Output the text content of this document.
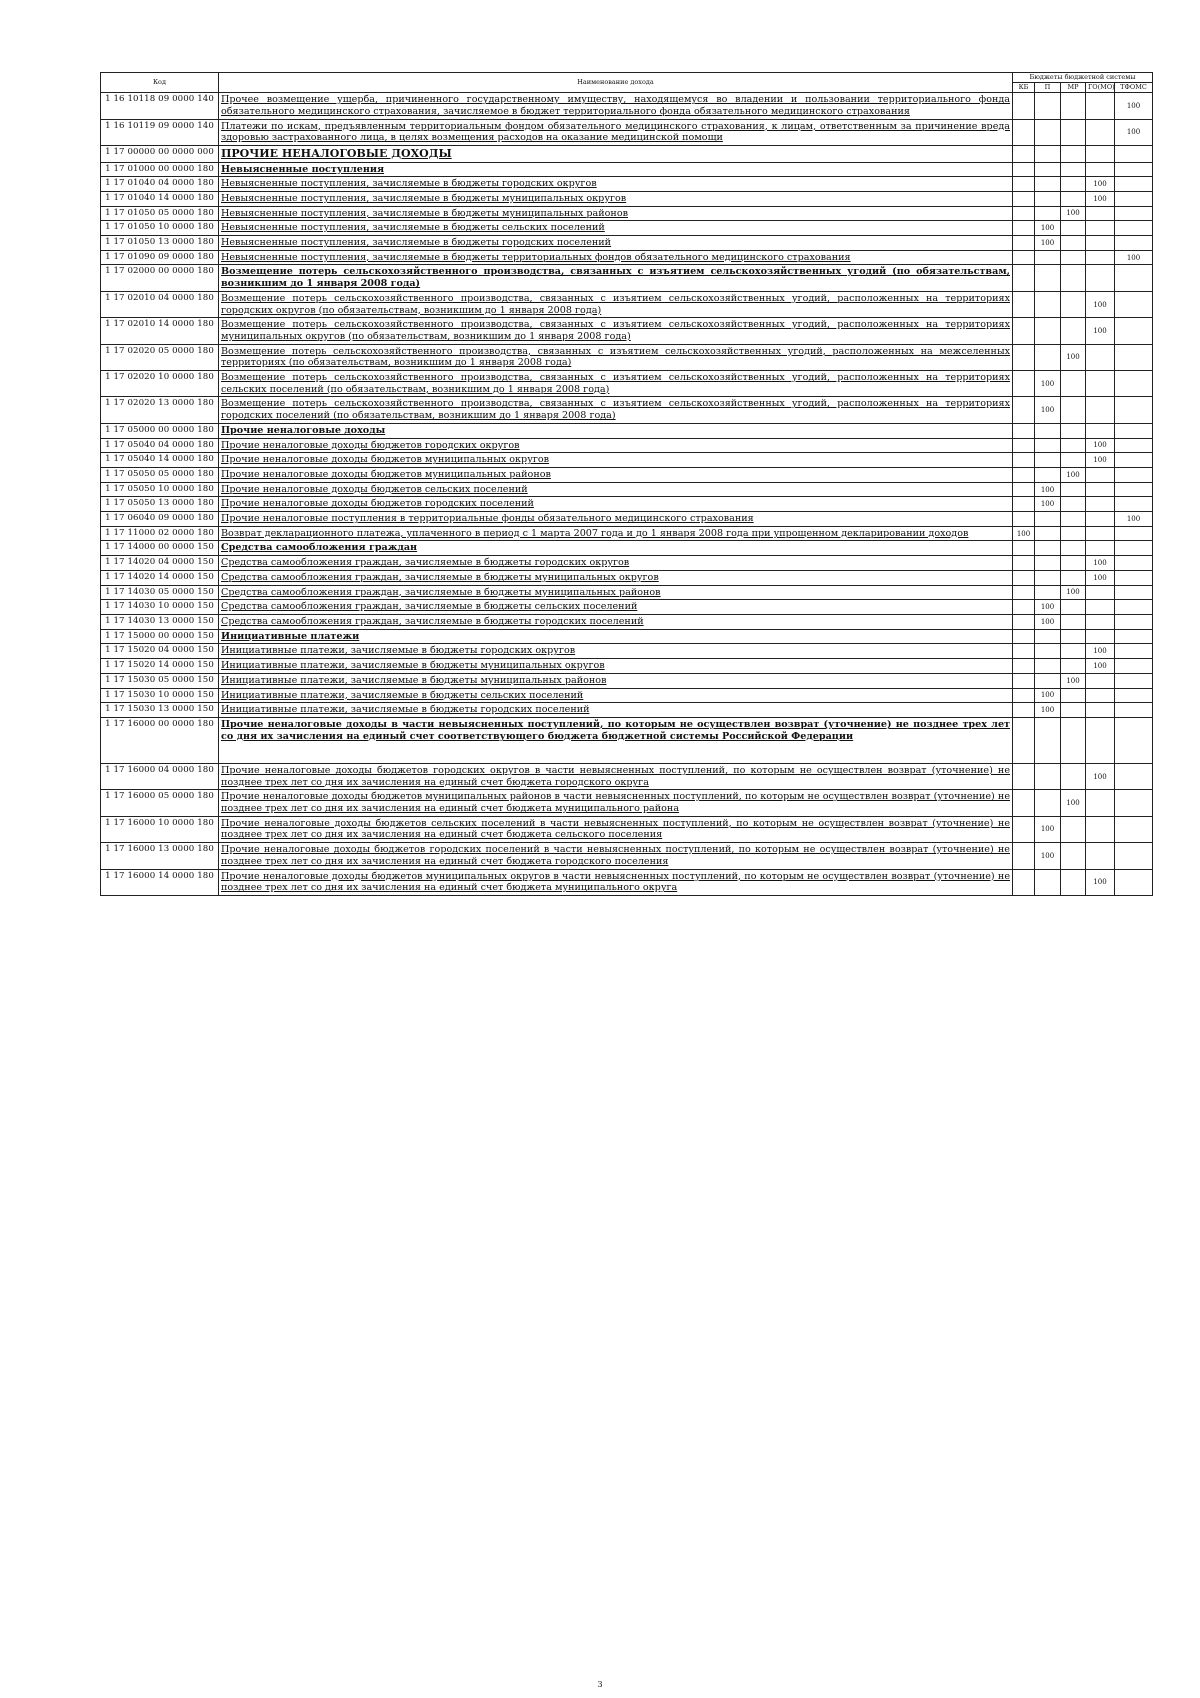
Код	Наименование дохода	Бюджеты бюджетной системы				
		КБ	П	МР	ГО(МО)	ТФОМС
1 16 10118 09 0000 140	Прочее возмещение ущерба, причиненного государственному имуществу, находящемуся во владении и пользовании территориального фонда обязательного медицинского страхования, зачисляемое в бюджет территориального фонда обязательного медицинского страхования					100
1 16 10119 09 0000 140	Платежи по искам, предъявленным территориальным фондом обязательного медицинского страхования, к лицам, ответственным за причинение вреда здоровью застрахованного лица, в целях возмещения расходов на оказание медицинской помощи					100
1 17 00000 00 0000 000	ПРОЧИЕ НЕНАЛОГОВЫЕ ДОХОДЫ					
1 17 01000 00 0000 180	Невыясненные поступления					
1 17 01040 04 0000 180	Невыясненные поступления, зачисляемые в бюджеты городских округов				100	
1 17 01040 14 0000 180	Невыясненные поступления, зачисляемые в бюджеты муниципальных округов				100	
1 17 01050 05 0000 180	Невыясненные поступления, зачисляемые в бюджеты муниципальных районов			100		
1 17 01050 10 0000 180	Невыясненные поступления, зачисляемые в бюджеты сельских поселений		100			
1 17 01050 13 0000 180	Невыясненные поступления, зачисляемые в бюджеты городских поселений		100			
1 17 01090 09 0000 180	Невыясненные поступления, зачисляемые в бюджеты территориальных фондов обязательного медицинского страхования					100
1 17 02000 00 0000 180	Возмещение потерь сельскохозяйственного производства, связанных с изъятием сельскохозяйственных угодий (по обязательствам, возникшим до 1 января 2008 года)					
1 17 02010 04 0000 180	Возмещение потерь сельскохозяйственного производства, связанных с изъятием сельскохозяйственных угодий, расположенных на территориях городских округов (по обязательствам, возникшим до 1 января 2008 года)				100	
1 17 02010 14 0000 180	Возмещение потерь сельскохозяйственного производства, связанных с изъятием сельскохозяйственных угодий, расположенных на территориях муниципальных округов (по обязательствам, возникшим до 1 января 2008 года)				100	
1 17 02020 05 0000 180	Возмещение потерь сельскохозяйственного производства, связанных с изъятием сельскохозяйственных угодий, расположенных на межселенных территориях (по обязательствам, возникшим до 1 января 2008 года)			100		
1 17 02020 10 0000 180	Возмещение потерь сельскохозяйственного производства, связанных с изъятием сельскохозяйственных угодий, расположенных на территориях сельских поселений (по обязательствам, возникшим до 1 января 2008 года)		100			
1 17 02020 13 0000 180	Возмещение потерь сельскохозяйственного производства, связанных с изъятием сельскохозяйственных угодий, расположенных на территориях городских поселений (по обязательствам, возникшим до 1 января 2008 года)		100			
1 17 05000 00 0000 180	Прочие неналоговые доходы					
1 17 05040 04 0000 180	Прочие неналоговые доходы бюджетов городских округов				100	
1 17 05040 14 0000 180	Прочие неналоговые доходы бюджетов муниципальных округов				100	
1 17 05050 05 0000 180	Прочие неналоговые доходы бюджетов муниципальных районов			100		
1 17 05050 10 0000 180	Прочие неналоговые доходы бюджетов сельских поселений		100			
1 17 05050 13 0000 180	Прочие неналоговые доходы бюджетов городских поселений		100			
1 17 06040 09 0000 180	Прочие неналоговые поступления в территориальные фонды обязательного медицинского страхования					100
1 17 11000 02 0000 180	Возврат декларационного платежа, уплаченного в период с 1 марта 2007 года и до 1 января 2008 года при упрощенном декларировании доходов	100				
1 17 14000 00 0000 150	Средства самообложения граждан					
1 17 14020 04 0000 150	Средства самообложения граждан, зачисляемые в бюджеты городских округов				100	
1 17 14020 14 0000 150	Средства самообложения граждан, зачисляемые в бюджеты муниципальных округов				100	
1 17 14030 05 0000 150	Средства самообложения граждан, зачисляемые в бюджеты муниципальных районов			100		
1 17 14030 10 0000 150	Средства самообложения граждан, зачисляемые в бюджеты сельских поселений		100			
1 17 14030 13 0000 150	Средства самообложения граждан, зачисляемые в бюджеты городских поселений		100			
1 17 15000 00 0000 150	Инициативные платежи					
1 17 15020 04 0000 150	Инициативные платежи, зачисляемые в бюджеты городских округов				100	
1 17 15020 14 0000 150	Инициативные платежи, зачисляемые в бюджеты муниципальных округов				100	
1 17 15030 05 0000 150	Инициативные платежи, зачисляемые в бюджеты муниципальных районов			100		
1 17 15030 10 0000 150	Инициативные платежи, зачисляемые в бюджеты сельских поселений		100			
1 17 15030 13 0000 150	Инициативные платежи, зачисляемые в бюджеты городских поселений		100			
1 17 16000 00 0000 180	Прочие неналоговые доходы в части невыясненных поступлений, по которым не осуществлен возврат (уточнение) не позднее трех лет со дня их зачисления на единый счет соответствующего бюджета бюджетной системы Российской Федерации					
1 17 16000 04 0000 180	Прочие неналоговые доходы бюджетов городских округов в части невыясненных поступлений, по которым не осуществлен возврат (уточнение) не позднее трех лет со дня их зачисления на единый счет бюджета городского округа				100	
1 17 16000 05 0000 180	Прочие неналоговые доходы бюджетов муниципальных районов в части невыясненных поступлений, по которым не осуществлен возврат (уточнение) не позднее трех лет со дня их зачисления на единый счет бюджета муниципального района			100		
1 17 16000 10 0000 180	Прочие неналоговые доходы бюджетов сельских поселений в части невыясненных поступлений, по которым не осуществлен возврат (уточнение) не позднее трех лет со дня их зачисления на единый счет бюджета сельского поселения		100			
1 17 16000 13 0000 180	Прочие неналоговые доходы бюджетов городских поселений в части невыясненных поступлений, по которым не осуществлен возврат (уточнение) не позднее трех лет со дня их зачисления на единый счет бюджета городского поселения		100			
1 17 16000 14 0000 180	Прочие неналоговые доходы бюджетов муниципальных округов в части невыясненных поступлений, по которым не осуществлен возврат (уточнение) не позднее трех лет со дня их зачисления на единый счет бюджета муниципального округа				100	
3
